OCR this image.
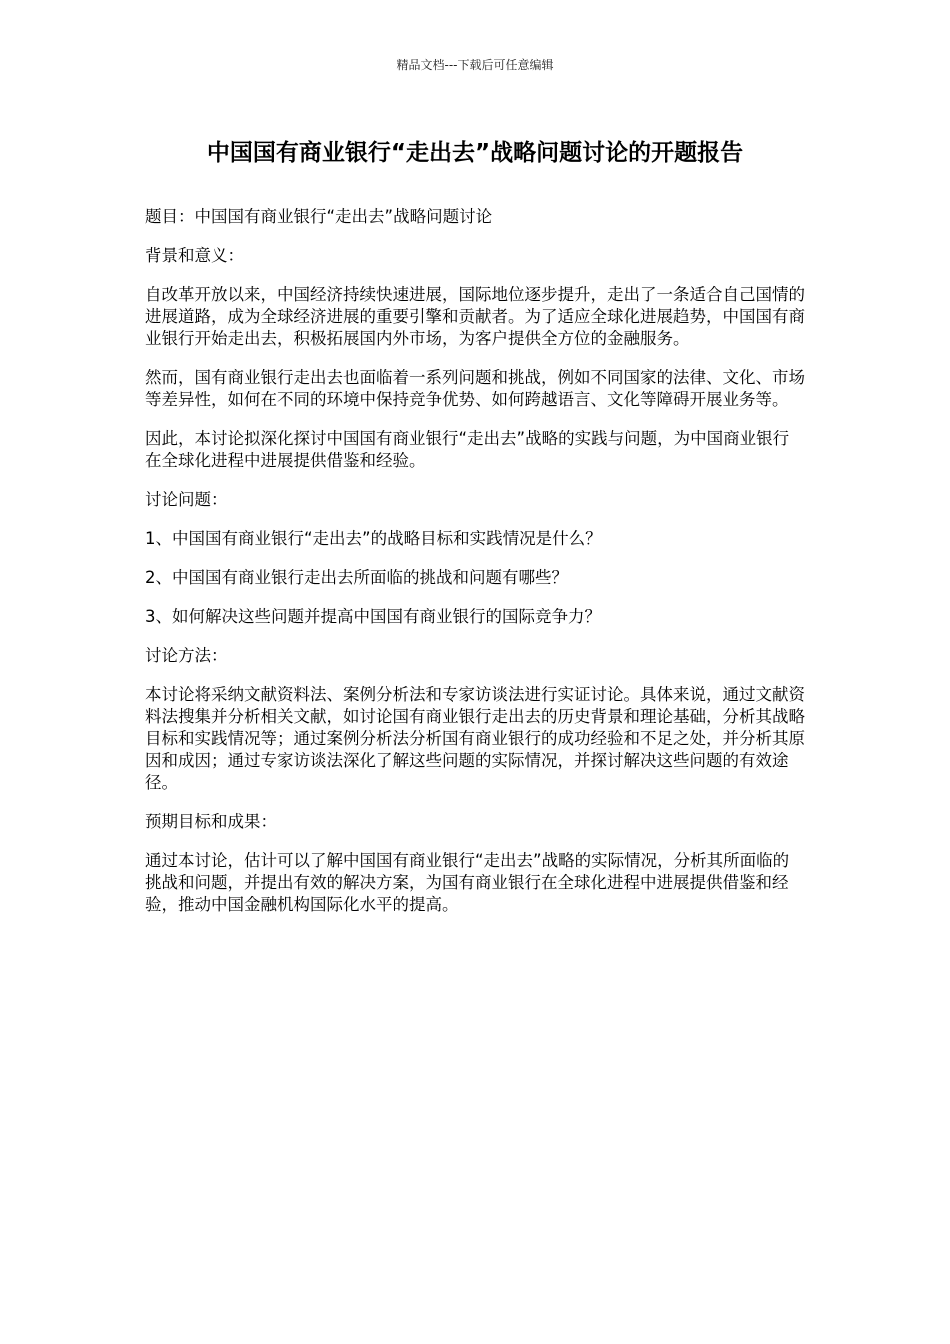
精品文档---下载后可任意编辑
中国国有商业银行“走出去”战略问题讨论的开题报告

题目：中国国有商业银行“走出去”战略问题讨论

背景和意义：

自改革开放以来，中国经济持续快速进展，国际地位逐步提升，走出了一条适合自己国情的进展道路，成为全球经济进展的重要引擎和贡献者。为了适应全球化进展趋势，中国国有商业银行开始走出去，积极拓展国内外市场，为客户提供全方位的金融服务。

然而，国有商业银行走出去也面临着一系列问题和挑战，例如不同国家的法律、文化、市场等差异性，如何在不同的环境中保持竞争优势、如何跨越语言、文化等障碍开展业务等。

因此，本讨论拟深化探讨中国国有商业银行“走出去”战略的实践与问题，为中国商业银行在全球化进程中进展提供借鉴和经验。

讨论问题：

1、中国国有商业银行“走出去”的战略目标和实践情况是什么？

2、中国国有商业银行走出去所面临的挑战和问题有哪些？

3、如何解决这些问题并提高中国国有商业银行的国际竞争力？

讨论方法：

本讨论将采纳文献资料法、案例分析法和专家访谈法进行实证讨论。具体来说，通过文献资料法搜集并分析相关文献，如讨论国有商业银行走出去的历史背景和理论基础，分析其战略目标和实践情况等；通过案例分析法分析国有商业银行的成功经验和不足之处，并分析其原因和成因；通过专家访谈法深化了解这些问题的实际情况，并探讨解决这些问题的有效途径。

预期目标和成果：

通过本讨论，估计可以了解中国国有商业银行“走出去”战略的实际情况，分析其所面临的挑战和问题，并提出有效的解决方案，为国有商业银行在全球化进程中进展提供借鉴和经验，推动中国金融机构国际化水平的提高。
